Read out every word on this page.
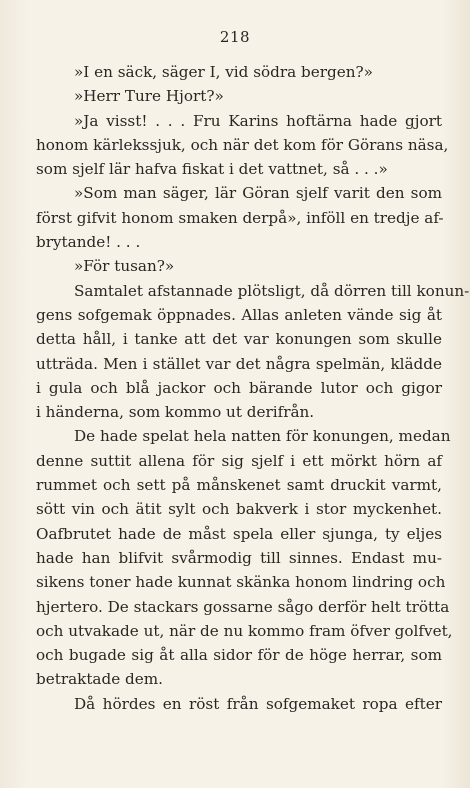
218
»I en säck, säger I, vid södra bergen?»
»Herr Ture Hjort?»
»Ja visst! . . . Fru Karins hoftärna hade gjort
honom kärlekssjuk, och när det kom för Görans näsa,
som sjelf lär hafva fiskat i det vattnet, så . . .»
»Som man säger, lär Göran sjelf varit den som
först gifvit honom smaken derpå», inföll en tredje af-
brytande! . . .
»För tusan?»
Samtalet afstannade plötsligt, då dörren till konun-
gens sofgemak öppnades. Allas anleten vände sig åt
detta håll, i tanke att det var konungen som skulle
utträda. Men i stället var det några spelmän, klädde
i gula och blå jackor och bärande lutor och gigor
i händerna, som kommo ut derifrån.
De hade spelat hela natten för konungen, medan
denne suttit allena för sig sjelf i ett mörkt hörn af
rummet och sett på månskenet samt druckit varmt,
sött vin och ätit sylt och bakverk i stor myckenhet.
Oafbrutet hade de måst spela eller sjunga, ty eljes
hade han blifvit svårmodig till sinnes. Endast mu-
sikens toner hade kunnat skänka honom lindring och
hjertero. De stackars gossarne sågo derför helt trötta
och utvakade ut, när de nu kommo fram öfver golfvet,
och bugade sig åt alla sidor för de höge herrar, som
betraktade dem.
Då hördes en röst från sofgemaket ropa efter
